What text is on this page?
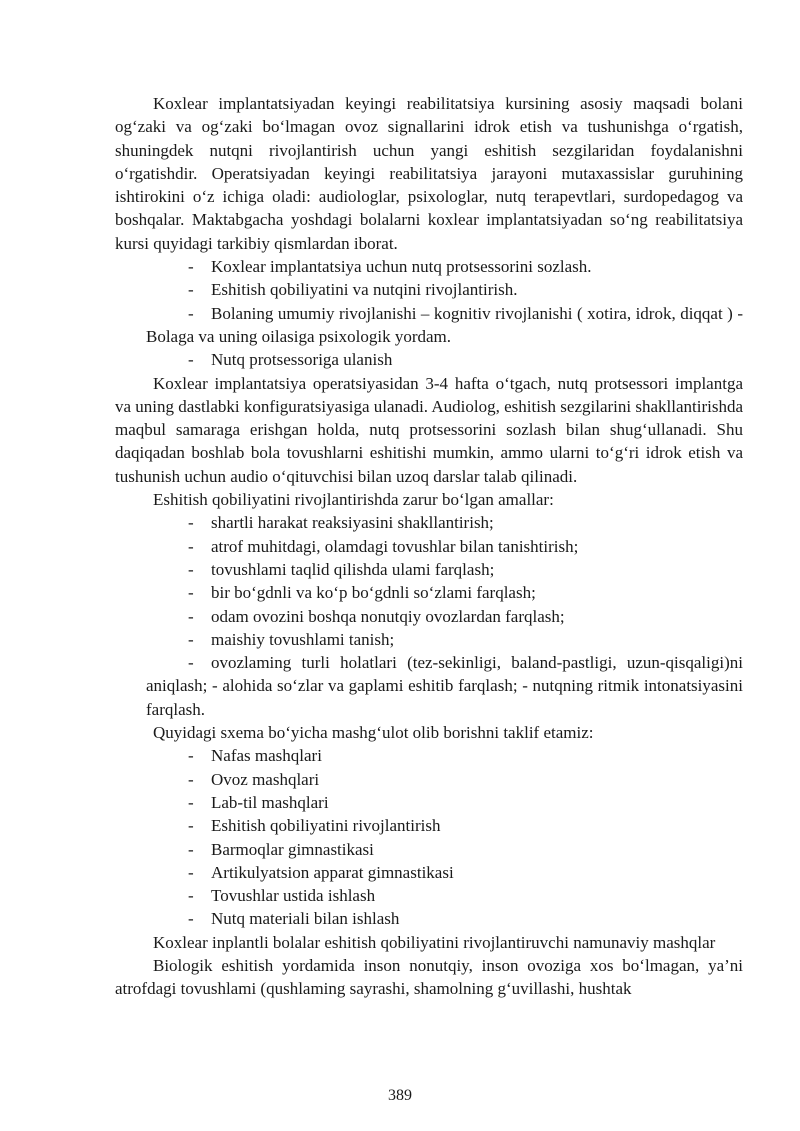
Koxlear implantatsiyadan keyingi reabilitatsiya kursining asosiy maqsadi bolani og‘zaki va og‘zaki bo‘lmagan ovoz signallarini idrok etish va tushunishga o‘rgatish, shuningdek nutqni rivojlantirish uchun yangi eshitish sezgilaridan foydalanishni o‘rgatishdir. Operatsiyadan keyingi reabilitatsiya jarayoni mutaxassislar guruhining ishtirokini o‘z ichiga oladi: audiologlar, psixologlar, nutq terapevtlari, surdopedagog va boshqalar. Maktabgacha yoshdagi bolalarni koxlear implantatsiyadan so‘ng reabilitatsiya kursi quyidagi tarkibiy qismlardan iborat.

- Koxlear implantatsiya uchun nutq protsessorini sozlash.

- Eshitish qobiliyatini va nutqini rivojlantirish.

- Bolaning umumiy rivojlanishi – kognitiv rivojlanishi ( xotira, idrok, diqqat ) - Bolaga va uning oilasiga psixologik yordam.

- Nutq protsessoriga ulanish

Koxlear implantatsiya operatsiyasidan 3-4 hafta o‘tgach, nutq protsessori implantga va uning dastlabki konfiguratsiyasiga ulanadi. Audiolog, eshitish sezgilarini shakllantirishda maqbul samaraga erishgan holda, nutq protsessorini sozlash bilan shug‘ullanadi. Shu daqiqadan boshlab bola tovushlarni eshitishi mumkin, ammo ularni to‘g‘ri idrok etish va tushunish uchun audio o‘qituvchisi bilan uzoq darslar talab qilinadi.

Eshitish qobiliyatini rivojlantirishda zarur bo‘lgan amallar:

- shartli harakat reaksiyasini shakllantirish;

- atrof muhitdagi, olamdagi tovushlar bilan tanishtirish;

- tovushlami taqlid qilishda ulami farqlash;

- bir bo‘gdnli va ko‘p bo‘gdnli so‘zlami farqlash;

- odam ovozini boshqa nonutqiy ovozlardan farqlash;

- maishiy tovushlami tanish;

- ovozlaming turli holatlari (tez-sekinligi, baland-pastligi, uzun-qisqaligi)ni aniqlash; - alohida so‘zlar va gaplami eshitib farqlash; - nutqning ritmik intonatsiyasini farqlash.

Quyidagi sxema bo‘yicha mashg‘ulot olib borishni taklif etamiz:

- Nafas mashqlari

- Ovoz mashqlari

- Lab-til mashqlari

- Eshitish qobiliyatini rivojlantirish

- Barmoqlar gimnastikasi

- Artikulyatsion apparat gimnastikasi

- Tovushlar ustida ishlash

- Nutq materiali bilan ishlash

Koxlear inplantli bolalar eshitish qobiliyatini rivojlantiruvchi namunaviy mashqlar

Biologik eshitish yordamida inson nonutqiy, inson ovoziga xos bo‘lmagan, ya’ni atrofdagi tovushlami (qushlaming sayrashi, shamolning g‘uvillashi, hushtak

389
